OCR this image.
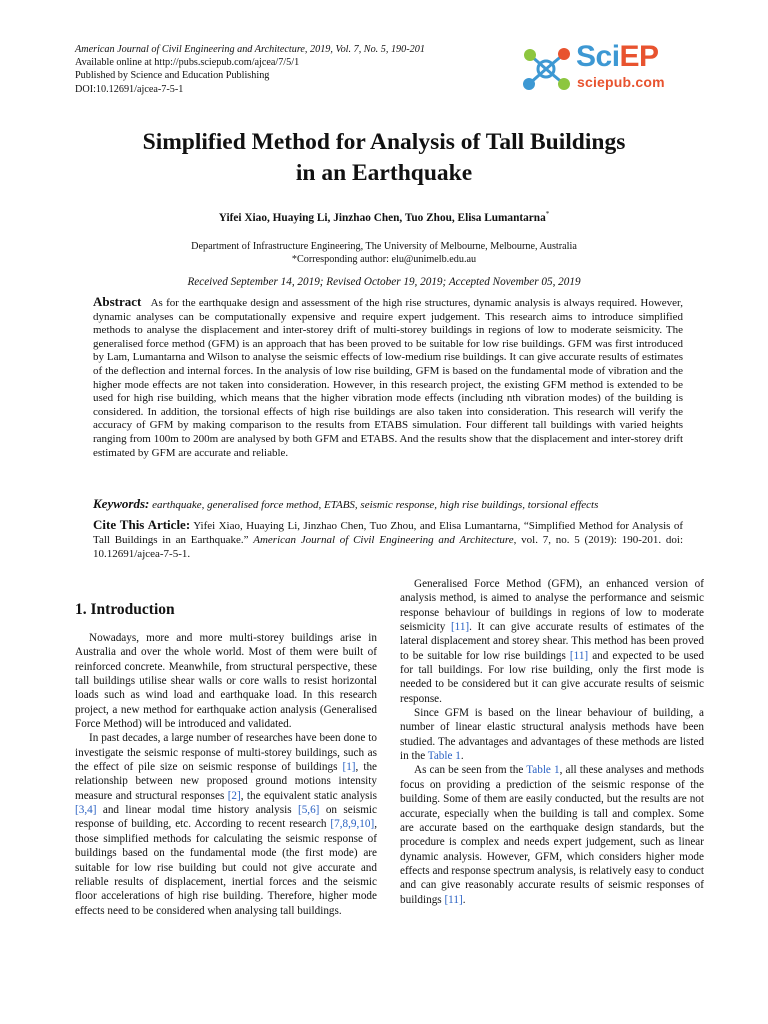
American Journal of Civil Engineering and Architecture, 2019, Vol. 7, No. 5, 190-201
Available online at http://pubs.sciepub.com/ajcea/7/5/1
Published by Science and Education Publishing
DOI:10.12691/ajcea-7-5-1
SciEP
sciepub.com
Simplified Method for Analysis of Tall Buildings
in an Earthquake
Yifei Xiao, Huaying Li, Jinzhao Chen, Tuo Zhou, Elisa Lumantarna*
Department of Infrastructure Engineering, The University of Melbourne, Melbourne, Australia
*Corresponding author: elu@unimelb.edu.au
Received September 14, 2019; Revised October 19, 2019; Accepted November 05, 2019
Abstract As for the earthquake design and assessment of the high rise structures, dynamic analysis is always required. However, dynamic analyses can be computationally expensive and require expert judgement. This research aims to introduce simplified methods to analyse the displacement and inter-storey drift of multi-storey buildings in regions of low to moderate seismicity. The generalised force method (GFM) is an approach that has been proved to be suitable for low rise buildings. GFM was first introduced by Lam, Lumantarna and Wilson to analyse the seismic effects of low-medium rise buildings. It can give accurate results of estimates of the deflection and internal forces. In the analysis of low rise building, GFM is based on the fundamental mode of vibration and the higher mode effects are not taken into consideration. However, in this research project, the existing GFM method is extended to be used for high rise building, which means that the higher vibration mode effects (including nth vibration modes) of the building is considered. In addition, the torsional effects of high rise buildings are also taken into consideration. This research will verify the accuracy of GFM by making comparison to the results from ETABS simulation. Four different tall buildings with varied heights ranging from 100m to 200m are analysed by both GFM and ETABS. And the results show that the displacement and inter-storey drift estimated by GFM are accurate and reliable.
Keywords: earthquake, generalised force method, ETABS, seismic response, high rise buildings, torsional effects
Cite This Article: Yifei Xiao, Huaying Li, Jinzhao Chen, Tuo Zhou, and Elisa Lumantarna, “Simplified Method for Analysis of Tall Buildings in an Earthquake.” American Journal of Civil Engineering and Architecture, vol. 7, no. 5 (2019): 190-201. doi: 10.12691/ajcea-7-5-1.
1. Introduction

Nowadays, more and more multi-storey buildings arise in Australia and over the whole world. Most of them were built of reinforced concrete. Meanwhile, from structural perspective, these tall buildings utilise shear walls or core walls to resist horizontal loads such as wind load and earthquake load. In this research project, a new method for earthquake action analysis (Generalised Force Method) will be introduced and validated.

In past decades, a large number of researches have been done to investigate the seismic response of multi-storey buildings, such as the effect of pile size on seismic response of buildings [1], the relationship between new proposed ground motions intensity measure and structural responses [2], the equivalent static analysis [3,4] and linear modal time history analysis [5,6] on seismic response of building, etc. According to recent research [7,8,9,10], those simplified methods for calculating the seismic response of buildings based on the fundamental mode (the first mode) are suitable for low rise building but could not give accurate and reliable results of displacement, inertial forces and the seismic floor accelerations of high rise building. Therefore, higher mode effects need to be considered when analysing tall buildings.

Generalised Force Method (GFM), an enhanced version of analysis method, is aimed to analyse the performance and seismic response behaviour of buildings in regions of low to moderate seismicity [11]. It can give accurate results of estimates of the lateral displacement and storey shear. This method has been proved to be suitable for low rise buildings [11] and expected to be used for tall buildings. For low rise building, only the first mode is needed to be considered but it can give accurate results of seismic response.

Since GFM is based on the linear behaviour of building, a number of linear elastic structural analysis methods have been studied. The advantages and advantages of these methods are listed in the Table 1.

As can be seen from the Table 1, all these analyses and methods focus on providing a prediction of the seismic response of the building. Some of them are easily conducted, but the results are not accurate, especially when the building is tall and complex. Some are accurate based on the earthquake design standards, but the procedure is complex and needs expert judgement, such as linear dynamic analysis. However, GFM, which considers higher mode effects and response spectrum analysis, is relatively easy to conduct and can give reasonably accurate results of seismic responses of buildings [11].
